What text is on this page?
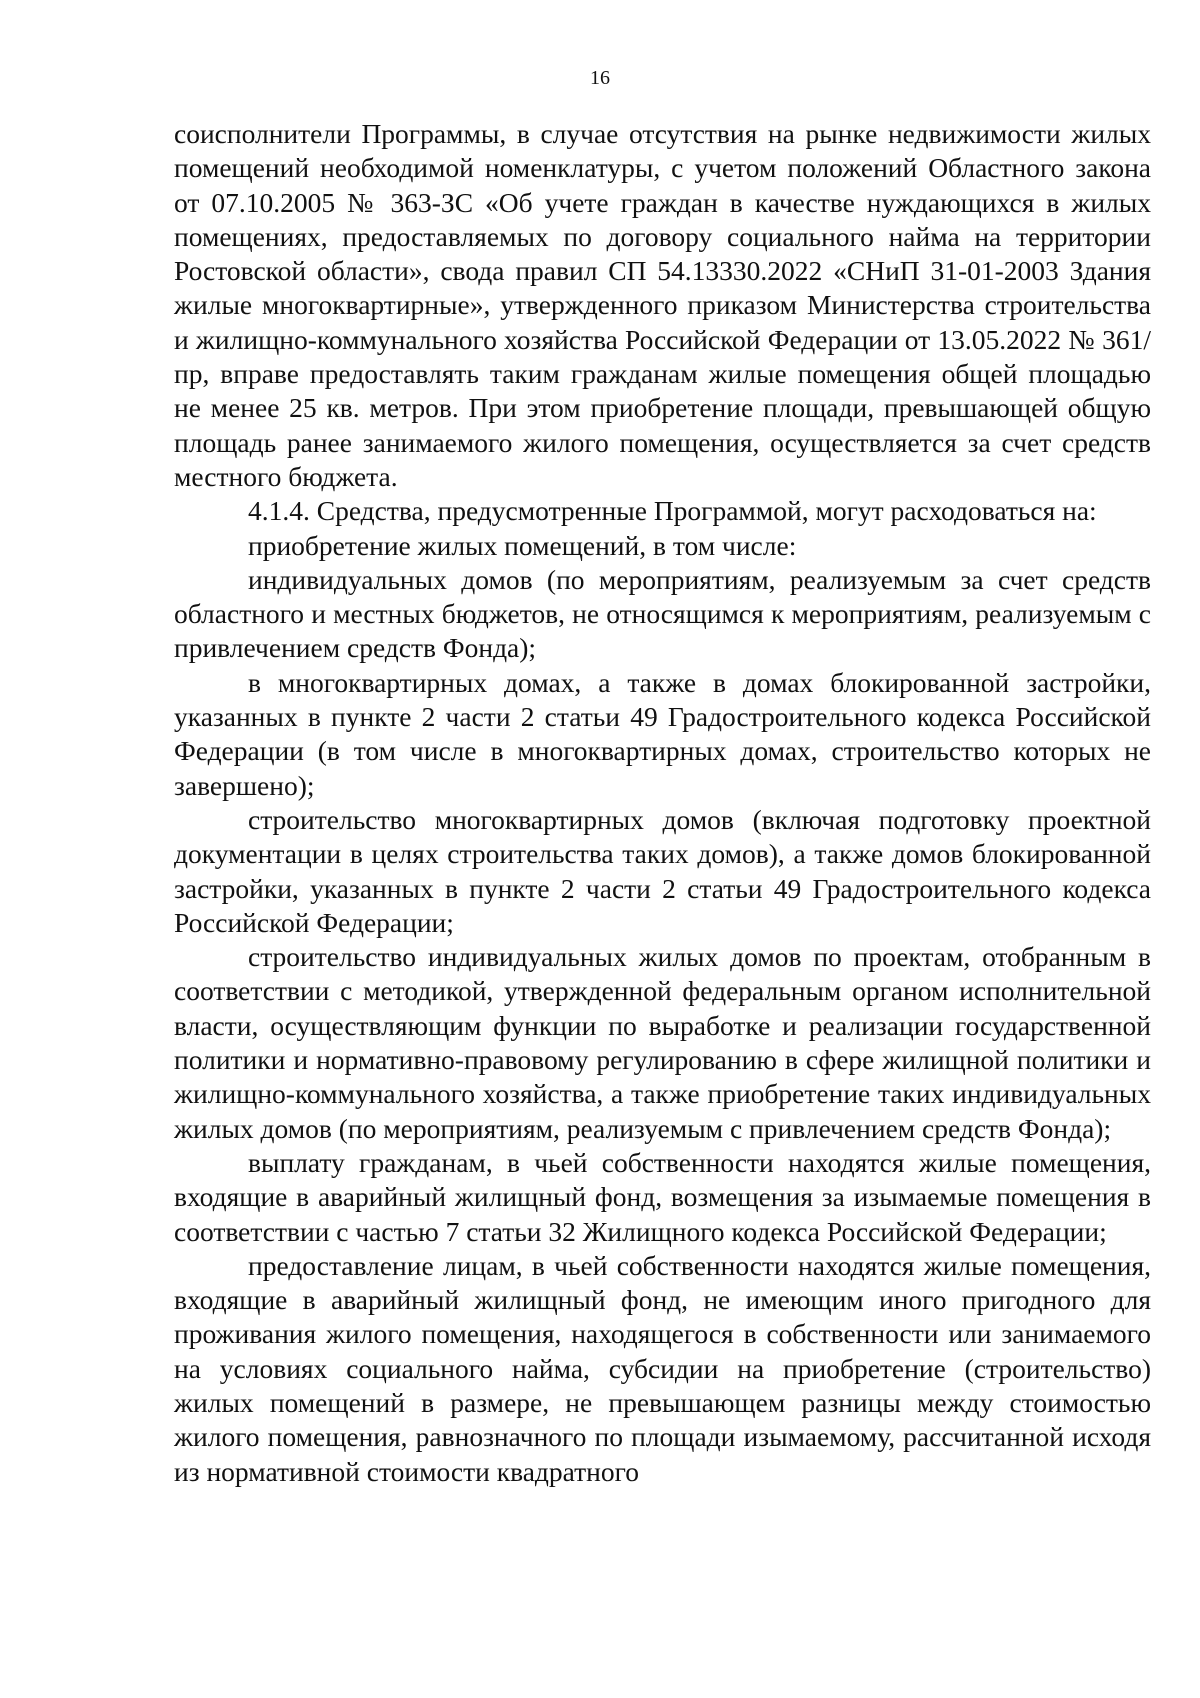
16

соисполнители Программы, в случае отсутствия на рынке недвижимости жилых помещений необходимой номенклатуры, с учетом положений Областного закона от 07.10.2005 № 363-ЗС «Об учете граждан в качестве нуждающихся в жилых помещениях, предоставляемых по договору социального найма на территории Ростовской области», свода правил СП 54.13330.2022 «СНиП 31-01-2003 Здания жилые многоквартирные», утвержденного приказом Министерства строительства и жилищно-коммунального хозяйства Российской Федерации от 13.05.2022 № 361/пр, вправе предоставлять таким гражданам жилые помещения общей площадью не менее 25 кв. метров. При этом приобретение площади, превышающей общую площадь ранее занимаемого жилого помещения, осуществляется за счет средств местного бюджета.

4.1.4. Средства, предусмотренные Программой, могут расходоваться на:

приобретение жилых помещений, в том числе:

индивидуальных домов (по мероприятиям, реализуемым за счет средств областного и местных бюджетов, не относящимся к мероприятиям, реализуемым с привлечением средств Фонда);

в многоквартирных домах, а также в домах блокированной застройки, указанных в пункте 2 части 2 статьи 49 Градостроительного кодекса Российской Федерации (в том числе в многоквартирных домах, строительство которых не завершено);

строительство многоквартирных домов (включая подготовку проектной документации в целях строительства таких домов), а также домов блокированной застройки, указанных в пункте 2 части 2 статьи 49 Градостроительного кодекса Российской Федерации;

строительство индивидуальных жилых домов по проектам, отобранным в соответствии с методикой, утвержденной федеральным органом исполнительной власти, осуществляющим функции по выработке и реализации государственной политики и нормативно-правовому регулированию в сфере жилищной политики и жилищно-коммунального хозяйства, а также приобретение таких индивидуальных жилых домов (по мероприятиям, реализуемым с привлечением средств Фонда);

выплату гражданам, в чьей собственности находятся жилые помещения, входящие в аварийный жилищный фонд, возмещения за изымаемые помещения в соответствии с частью 7 статьи 32 Жилищного кодекса Российской Федерации;

предоставление лицам, в чьей собственности находятся жилые помещения, входящие в аварийный жилищный фонд, не имеющим иного пригодного для проживания жилого помещения, находящегося в собственности или занимаемого на условиях социального найма, субсидии на приобретение (строительство) жилых помещений в размере, не превышающем разницы между стоимостью жилого помещения, равнозначного по площади изымаемому, рассчитанной исходя из нормативной стоимости квадратного
